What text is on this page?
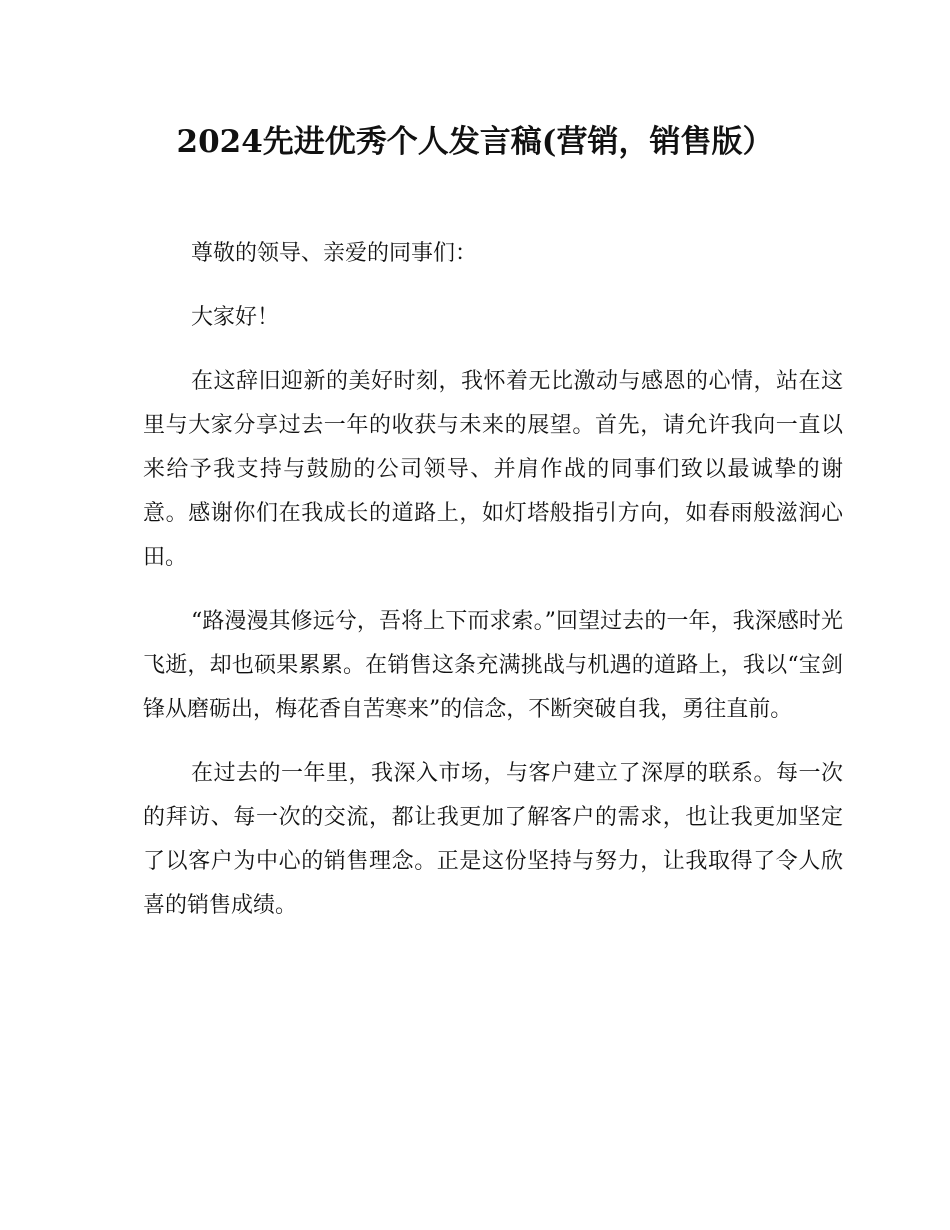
2024先进优秀个人发言稿(营销，销售版）

尊敬的领导、亲爱的同事们：

大家好！

在这辞旧迎新的美好时刻，我怀着无比激动与感恩的心情，站在这里与大家分享过去一年的收获与未来的展望。首先，请允许我向一直以来给予我支持与鼓励的公司领导、并肩作战的同事们致以最诚挚的谢意。感谢你们在我成长的道路上，如灯塔般指引方向，如春雨般滋润心田。

“路漫漫其修远兮，吾将上下而求索。”回望过去的一年，我深感时光飞逝，却也硕果累累。在销售这条充满挑战与机遇的道路上，我以“宝剑锋从磨砺出，梅花香自苦寒来”的信念，不断突破自我，勇往直前。

在过去的一年里，我深入市场，与客户建立了深厚的联系。每一次的拜访、每一次的交流，都让我更加了解客户的需求，也让我更加坚定了以客户为中心的销售理念。正是这份坚持与努力，让我取得了令人欣喜的销售成绩。
